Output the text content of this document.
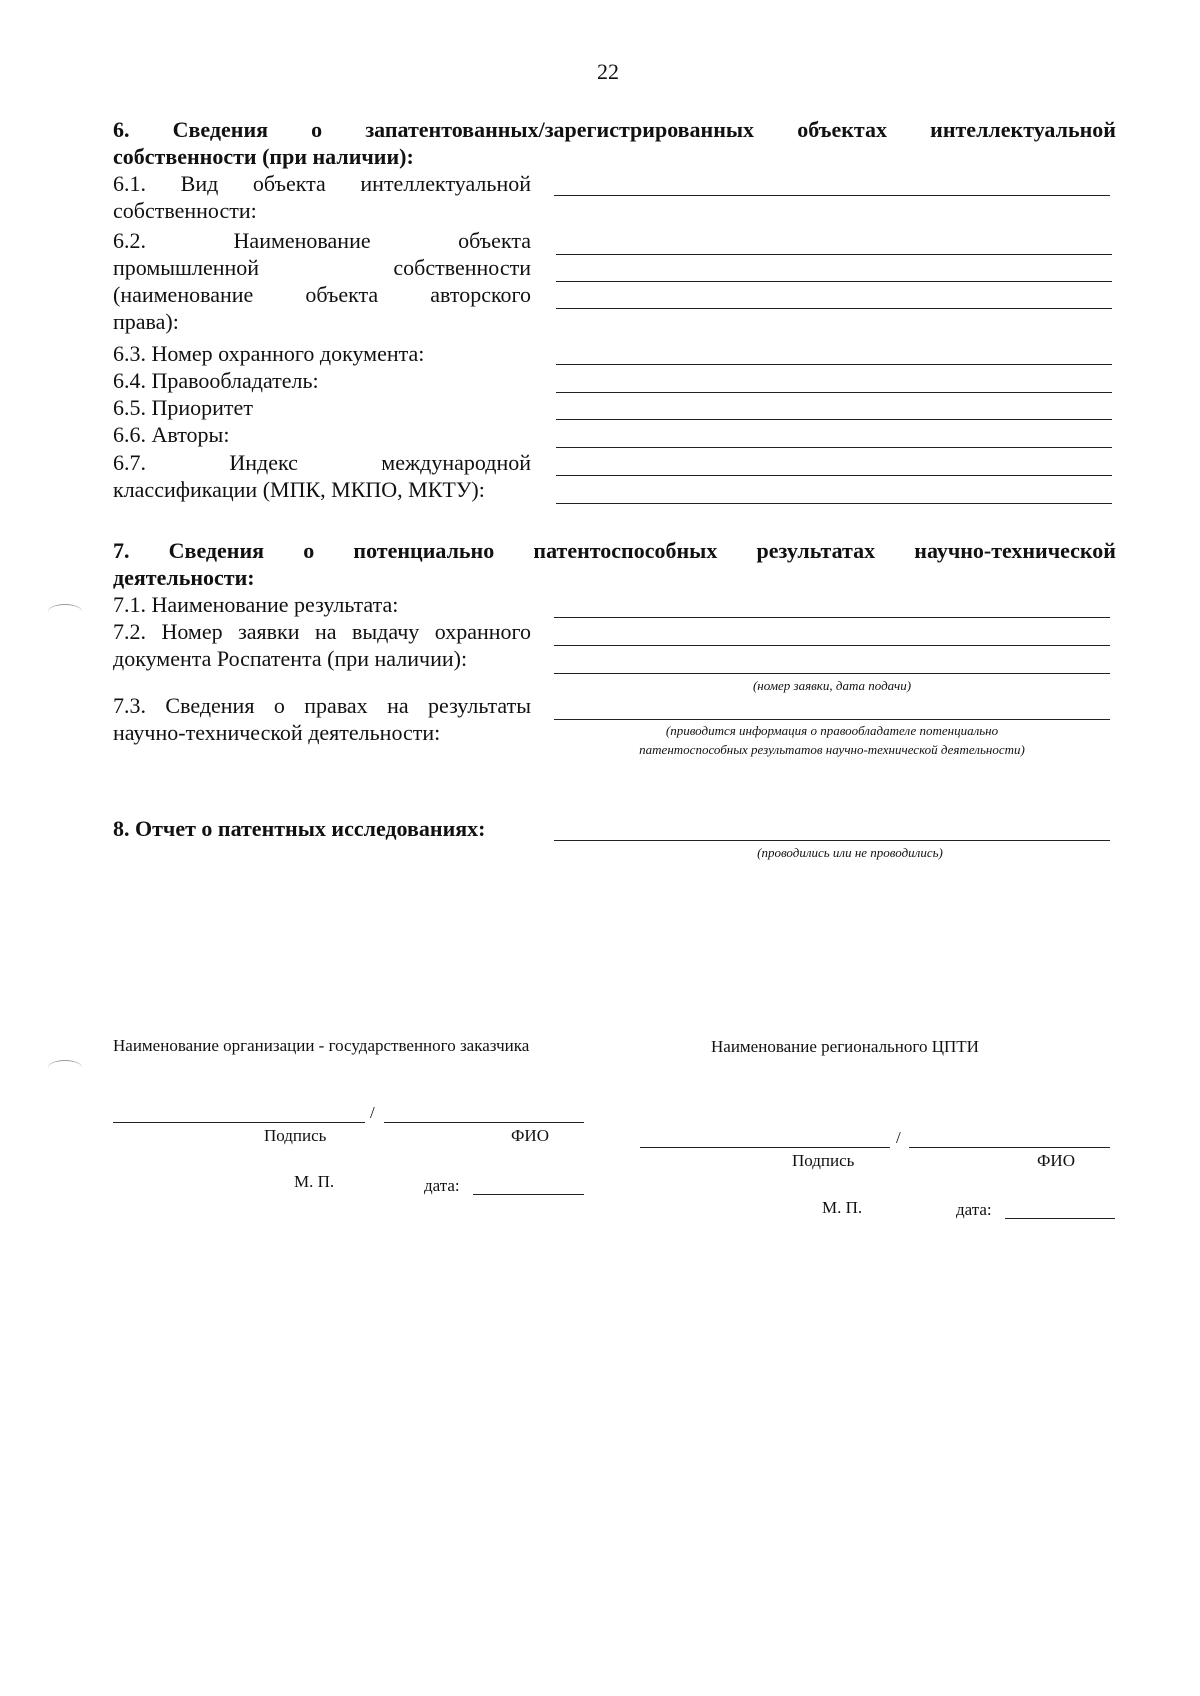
22
6. Сведения о запатентованных/зарегистрированных объектах интеллектуальной
собственности (при наличии):
6.1. Вид объекта интеллектуальной
собственности:
6.2. Наименование объекта
промышленной собственности
(наименование объекта авторского
права):
6.3. Номер охранного документа:
6.4. Правообладатель:
6.5. Приоритет
6.6. Авторы:
6.7. Индекс международной
классификации (МПК, МКПО, МКТУ):
7. Сведения о потенциально патентоспособных результатах научно-технической
деятельности:
7.1. Наименование результата:
7.2. Номер заявки на выдачу охранного
документа Роспатента (при наличии):
(номер заявки, дата подачи)
7.3. Сведения о правах на результаты
научно-технической деятельности:	(приводится информация о правообладателе потенциально
патентоспособных результатов научно-технической деятельности)
8. Отчет о патентных исследованиях:
(проводились или не проводились)
Наименование организации - государственного заказчика
/
Подпись	ФИО
М. П.	дата:
Наименование регионального ЦПТИ
/
Подпись	ФИО
М. П.	дата:
